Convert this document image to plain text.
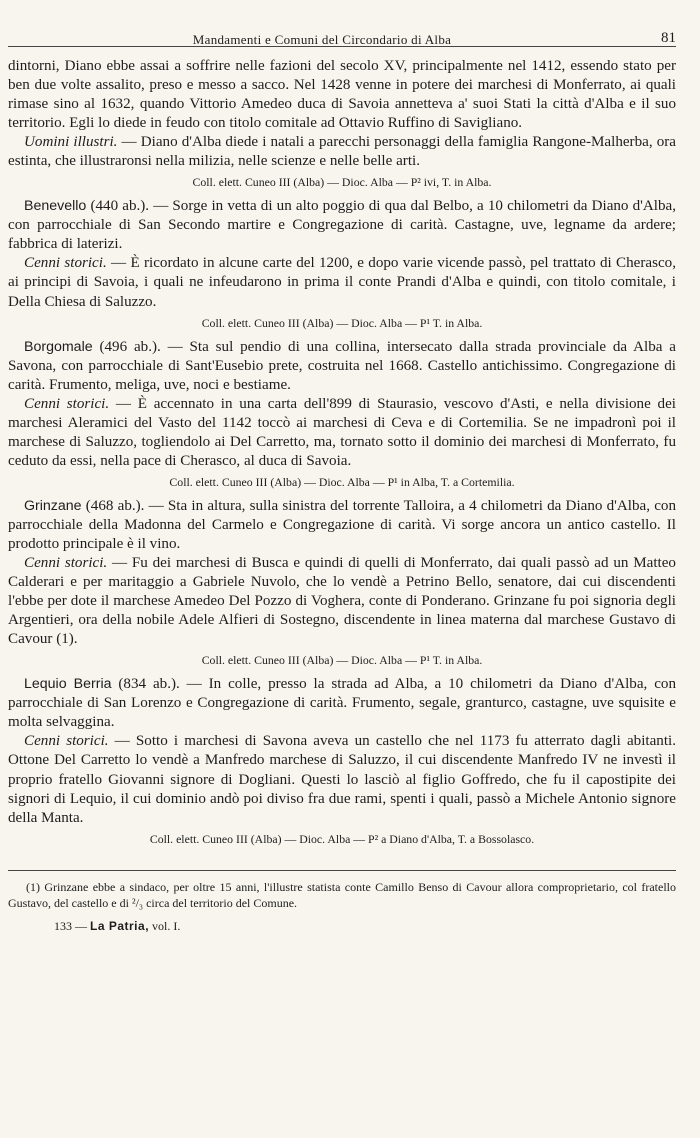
Mandamenti e Comuni del Circondario di Alba	81

dintorni, Diano ebbe assai a soffrire nelle fazioni del secolo XV, principalmente nel 1412, essendo stato per ben due volte assalito, preso e messo a sacco. Nel 1428 venne in potere dei marchesi di Monferrato, ai quali rimase sino al 1632, quando Vittorio Amedeo duca di Savoia annetteva a' suoi Stati la città d'Alba e il suo territorio. Egli lo diede in feudo con titolo comitale ad Ottavio Ruffino di Savigliano.

Uomini illustri. — Diano d'Alba diede i natali a parecchi personaggi della famiglia Rangone-Malherba, ora estinta, che illustraronsi nella milizia, nelle scienze e nelle belle arti.

Coll. elett. Cuneo III (Alba) — Dioc. Alba — P² ivi, T. in Alba.

Benevello (440 ab.). — Sorge in vetta di un alto poggio di qua dal Belbo, a 10 chilometri da Diano d'Alba, con parrocchiale di San Secondo martire e Congregazione di carità. Castagne, uve, legname da ardere; fabbrica di laterizi.

Cenni storici. — È ricordato in alcune carte del 1200, e dopo varie vicende passò, pel trattato di Cherasco, ai principi di Savoia, i quali ne infeudarono in prima il conte Prandi d'Alba e quindi, con titolo comitale, i Della Chiesa di Saluzzo.

Coll. elett. Cuneo III (Alba) — Dioc. Alba — P¹ T. in Alba.

Borgomale (496 ab.). — Sta sul pendio di una collina, intersecato dalla strada provinciale da Alba a Savona, con parrocchiale di Sant'Eusebio prete, costruita nel 1668. Castello antichissimo. Congregazione di carità. Frumento, meliga, uve, noci e bestiame.

Cenni storici. — È accennato in una carta dell'899 di Staurasio, vescovo d'Asti, e nella divisione dei marchesi Aleramici del Vasto del 1142 toccò ai marchesi di Ceva e di Cortemilia. Se ne impadronì poi il marchese di Saluzzo, togliendolo ai Del Carretto, ma, tornato sotto il dominio dei marchesi di Monferrato, fu ceduto da essi, nella pace di Cherasco, al duca di Savoia.

Coll. elett. Cuneo III (Alba) — Dioc. Alba — P¹ in Alba, T. a Cortemilia.

Grinzane (468 ab.). — Sta in altura, sulla sinistra del torrente Talloira, a 4 chilometri da Diano d'Alba, con parrocchiale della Madonna del Carmelo e Congregazione di carità. Vi sorge ancora un antico castello. Il prodotto principale è il vino.

Cenni storici. — Fu dei marchesi di Busca e quindi di quelli di Monferrato, dai quali passò ad un Matteo Calderari e per maritaggio a Gabriele Nuvolo, che lo vendè a Petrino Bello, senatore, dai cui discendenti l'ebbe per dote il marchese Amedeo Del Pozzo di Voghera, conte di Ponderano. Grinzane fu poi signoria degli Argentieri, ora della nobile Adele Alfieri di Sostegno, discendente in linea materna dal marchese Gustavo di Cavour (1).

Coll. elett. Cuneo III (Alba) — Dioc. Alba — P¹ T. in Alba.

Lequio Berria (834 ab.). — In colle, presso la strada ad Alba, a 10 chilometri da Diano d'Alba, con parrocchiale di San Lorenzo e Congregazione di carità. Frumento, segale, granturco, castagne, uve squisite e molta selvaggina.

Cenni storici. — Sotto i marchesi di Savona aveva un castello che nel 1173 fu atterrato dagli abitanti. Ottone Del Carretto lo vendè a Manfredo marchese di Saluzzo, il cui discendente Manfredo IV ne investì il proprio fratello Giovanni signore di Dogliani. Questi lo lasciò al figlio Goffredo, che fu il capostipite dei signori di Lequio, il cui dominio andò poi diviso fra due rami, spenti i quali, passò a Michele Antonio signore della Manta.

Coll. elett. Cuneo III (Alba) — Dioc. Alba — P² a Diano d'Alba, T. a Bossolasco.

(1) Grinzane ebbe a sindaco, per oltre 15 anni, l'illustre statista conte Camillo Benso di Cavour allora comproprietario, col fratello Gustavo, del castello e di ²/₃ circa del territorio del Comune.

133 — La Patria, vol. I.
